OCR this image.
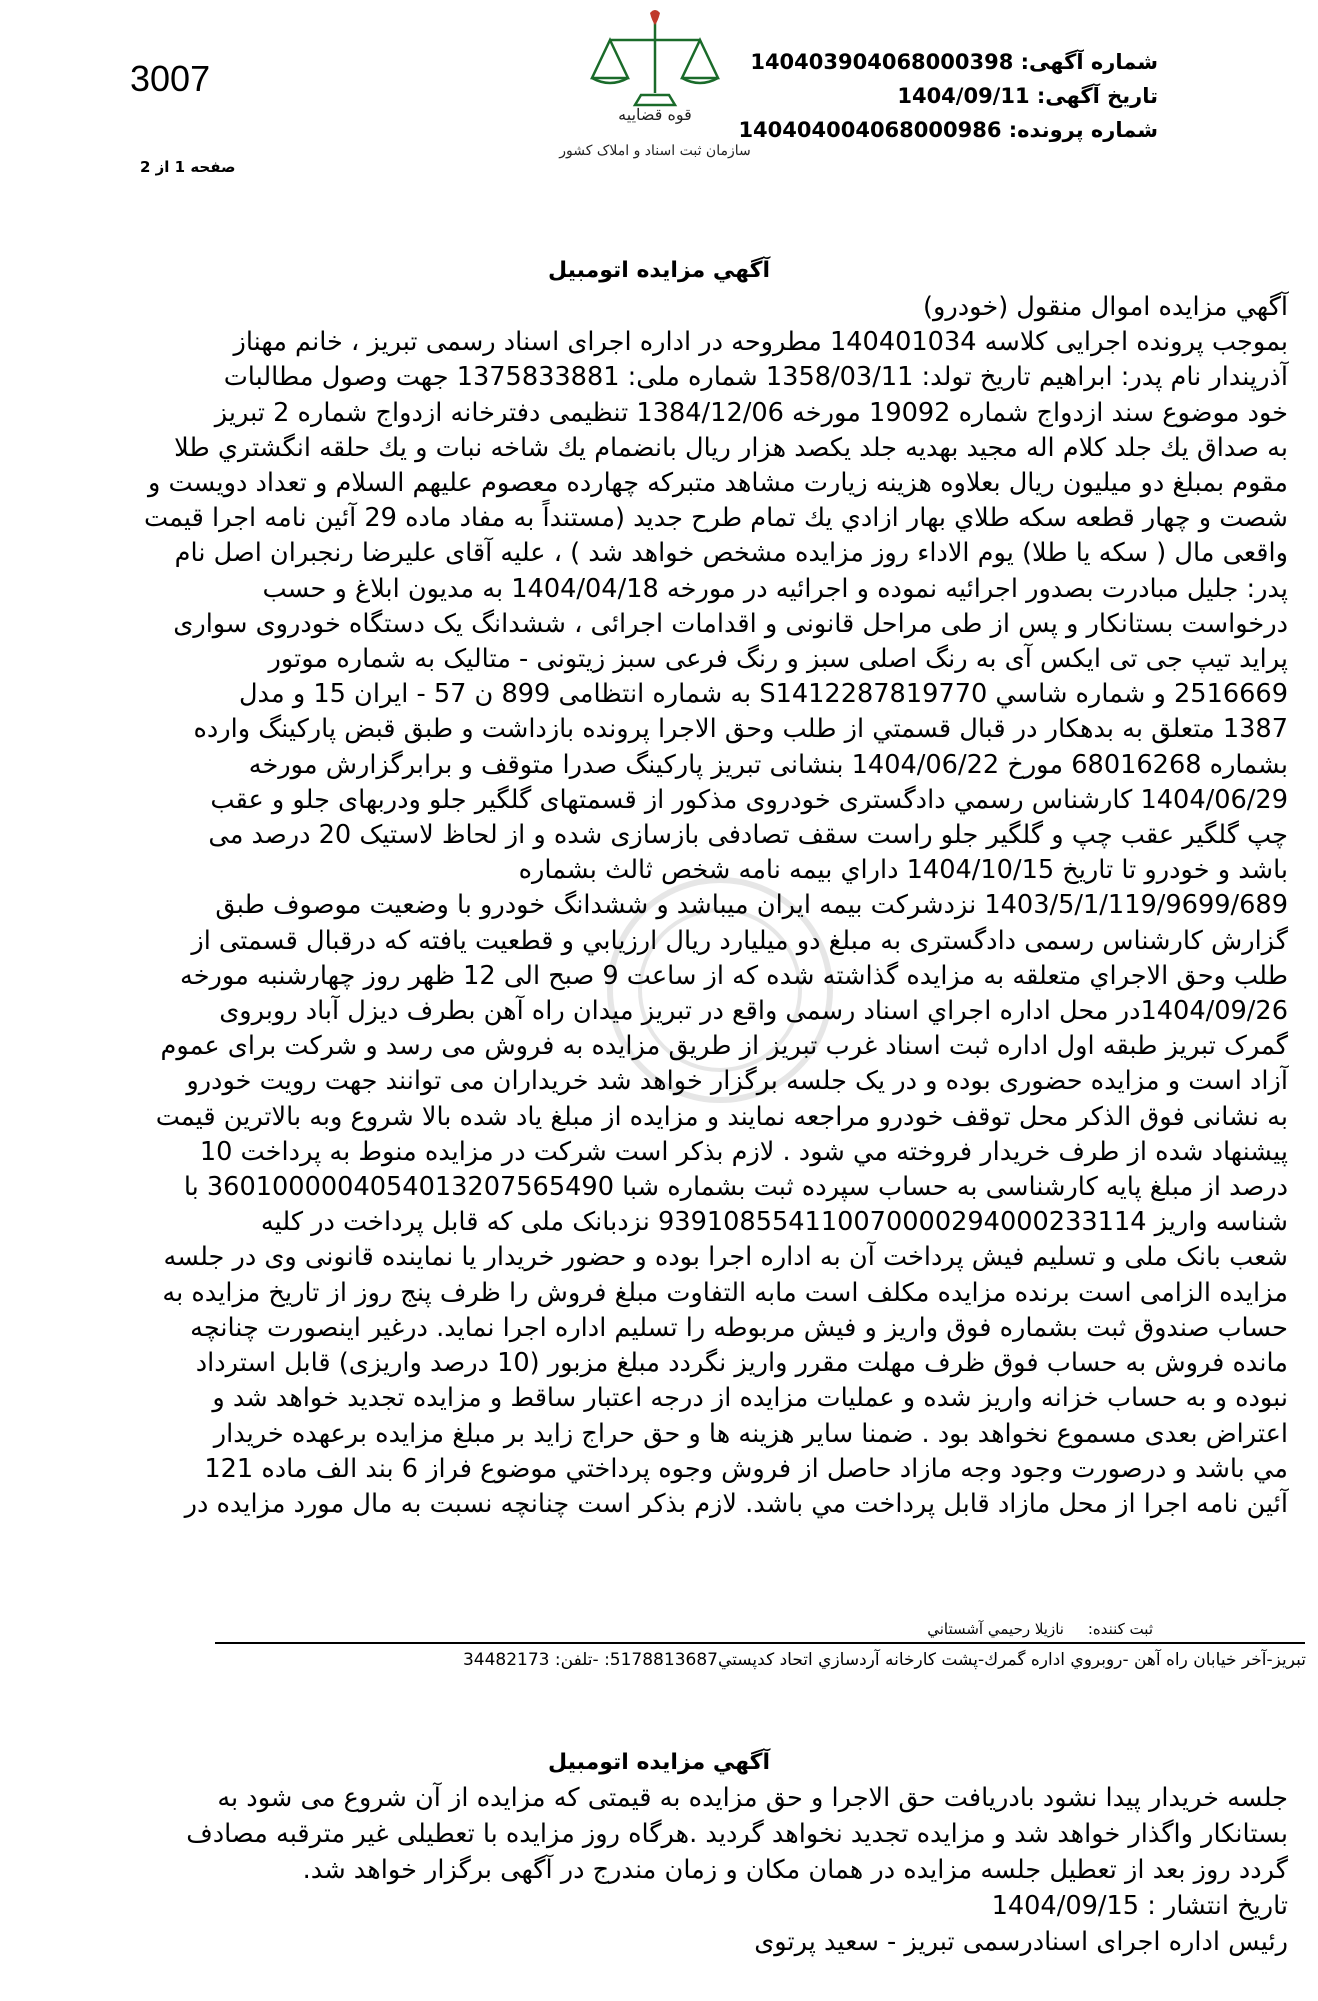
3007
صفحه 1 از 2
قوه قضاییه
سازمان ثبت اسناد و املاک کشور
شماره آگهی: 140403904068000398
تاریخ آگهی: 1404/09/11
شماره پرونده: 140404004068000986
آگهي مزايده اتومبيل

آگهي مزايده اموال منقول (خودرو)

بموجب پرونده اجرايى كلاسه 140401034 مطروحه در اداره اجراى اسناد رسمى تبريز ، خانم مهناز

آذرپندار نام پدر: ابراهيم تاريخ تولد: 1358/03/11 شماره ملى: 1375833881 جهت وصول مطالبات

خود موضوع سند ازدواج شماره 19092 مورخه 1384/12/06 تنظيمى دفترخانه ازدواج شماره 2 تبريز

به صداق يك جلد كلام اله مجيد بهديه جلد يكصد هزار ريال بانضمام يك شاخه نبات و يك حلقه انگشتري طلا

مقوم بمبلغ دو ميليون ريال بعلاوه هزينه زيارت مشاهد متبركه چهارده معصوم عليهم السلام و تعداد دويست و

شصت و چهار قطعه سكه طلاي بهار ازادي يك تمام طرح جديد (مستنداً به مفاد ماده 29 آئين نامه اجرا قيمت

واقعى مال ( سكه يا طلا) يوم الاداء روز مزايده مشخص خواهد شد ) ، عليه آقاى عليرضا رنجبران اصل نام

پدر: جليل مبادرت بصدور اجرائيه نموده و اجرائيه در مورخه 1404/04/18 به مديون ابلاغ و حسب

درخواست بستانكار و پس از طى مراحل قانونى و اقدامات اجرائى ، ششدانگ يک دستگاه خودروی سواری

پرايد تيپ جى تى ايكس آى به رنگ اصلى سبز و رنگ فرعى سبز زيتونى - متاليک به شماره موتور

2516669 و شماره شاسي S1412287819770 به شماره انتظامى 899 ن 57 - ايران 15 و مدل

1387 متعلق به بدهكار در قبال قسمتي از طلب وحق الاجرا پرونده بازداشت و طبق قبض پاركينگ وارده

بشماره 68016268 مورخ 1404/06/22 بنشانى تبريز پاركينگ صدرا متوقف و برابرگزارش مورخه

1404/06/29 كارشناس رسمي دادگستری خودروی مذكور از قسمتهای گلگير جلو ودربهای جلو و عقب

چپ گلگير عقب چپ و گلگير جلو راست سقف تصادفى بازسازى شده و از لحاظ لاستيک 20 درصد مى

باشد و خودرو تا تاريخ 1404/10/15 داراي بيمه نامه شخص ثالث بشماره

1403/5/1/119/9699/689 نزدشركت بيمه ايران ميباشد و ششدانگ خودرو با وضعيت موصوف طبق

گزارش كارشناس رسمى دادگسترى به مبلغ دو ميليارد ريال ارزيابي و قطعيت يافته كه درقبال قسمتى از

طلب وحق الاجراي متعلقه به مزايده گذاشته شده كه از ساعت 9 صبح الى 12 ظهر روز چهارشنبه مورخه

1404/09/26در محل اداره اجراي اسناد رسمى واقع در تبريز ميدان راه آهن بطرف ديزل آباد روبروى

گمرک تبريز طبقه اول اداره ثبت اسناد غرب تبريز از طريق مزايده به فروش مى رسد و شركت براى عموم

آزاد است و مزايده حضورى بوده و در يک جلسه برگزار خواهد شد خريداران مى توانند جهت رويت خودرو

به نشانى فوق الذكر محل توقف خودرو مراجعه نمايند و مزايده از مبلغ ياد شده بالا شروع وبه بالاترين قيمت

پيشنهاد شده از طرف خريدار فروخته مي شود . لازم بذكر است شركت در مزايده منوط به پرداخت 10

درصد از مبلغ پايه كارشناسى به حساب سپرده ثبت بشماره شبا 360100000405401320756549​0 با

شناسه واريز 939108554110070000294000233114 نزدبانک ملى كه قابل پرداخت در كليه

شعب بانک ملى و تسليم فيش پرداخت آن به اداره اجرا بوده و حضور خريدار يا نماينده قانونى وى در جلسه

مزايده الزامى است برنده مزايده مكلف است مابه التفاوت مبلغ فروش را ظرف پنج روز از تاريخ مزايده به

حساب صندوق ثبت بشماره فوق واريز و فيش مربوطه را تسليم اداره اجرا نمايد. درغير اينصورت چنانچه

مانده فروش به حساب فوق ظرف مهلت مقرر واريز نگردد مبلغ مزبور (10 درصد واريزى) قابل استرداد

نبوده و به حساب خزانه واريز شده و عمليات مزايده از درجه اعتبار ساقط و مزايده تجديد خواهد شد و

اعتراض بعدى مسموع نخواهد بود . ضمنا ساير هزينه ها و حق حراج زايد بر مبلغ مزايده برعهده خريدار

مي باشد و درصورت وجود وجه مازاد حاصل از فروش وجوه پرداختي موضوع فراز 6 بند الف ماده 121

آئين نامه اجرا از محل مازاد قابل پرداخت مي باشد. لازم بذكر است چنانچه نسبت به مال مورد مزايده در

ثبت كننده:     نازيلا رحيمي آشستاني
تبريز-آخر خيابان راه آهن -روبروي اداره گمرك-پشت كارخانه آردسازي اتحاد كدپستي5178813687: -تلفن: 34482173
آگهي مزايده اتومبيل

جلسه خريدار پيدا نشود بادريافت حق الاجرا و حق مزايده به قيمتى كه مزايده از آن شروع مى شود به

بستانكار واگذار خواهد شد و مزايده تجديد نخواهد گرديد .هرگاه روز مزايده با تعطيلى غير مترقبه مصادف

گردد روز بعد از تعطيل جلسه مزايده در همان مكان و زمان مندرج در آگهى برگزار خواهد شد.

تاريخ انتشار : 1404/09/15

رئيس اداره اجراى اسنادرسمى تبريز - سعيد پرتوى
